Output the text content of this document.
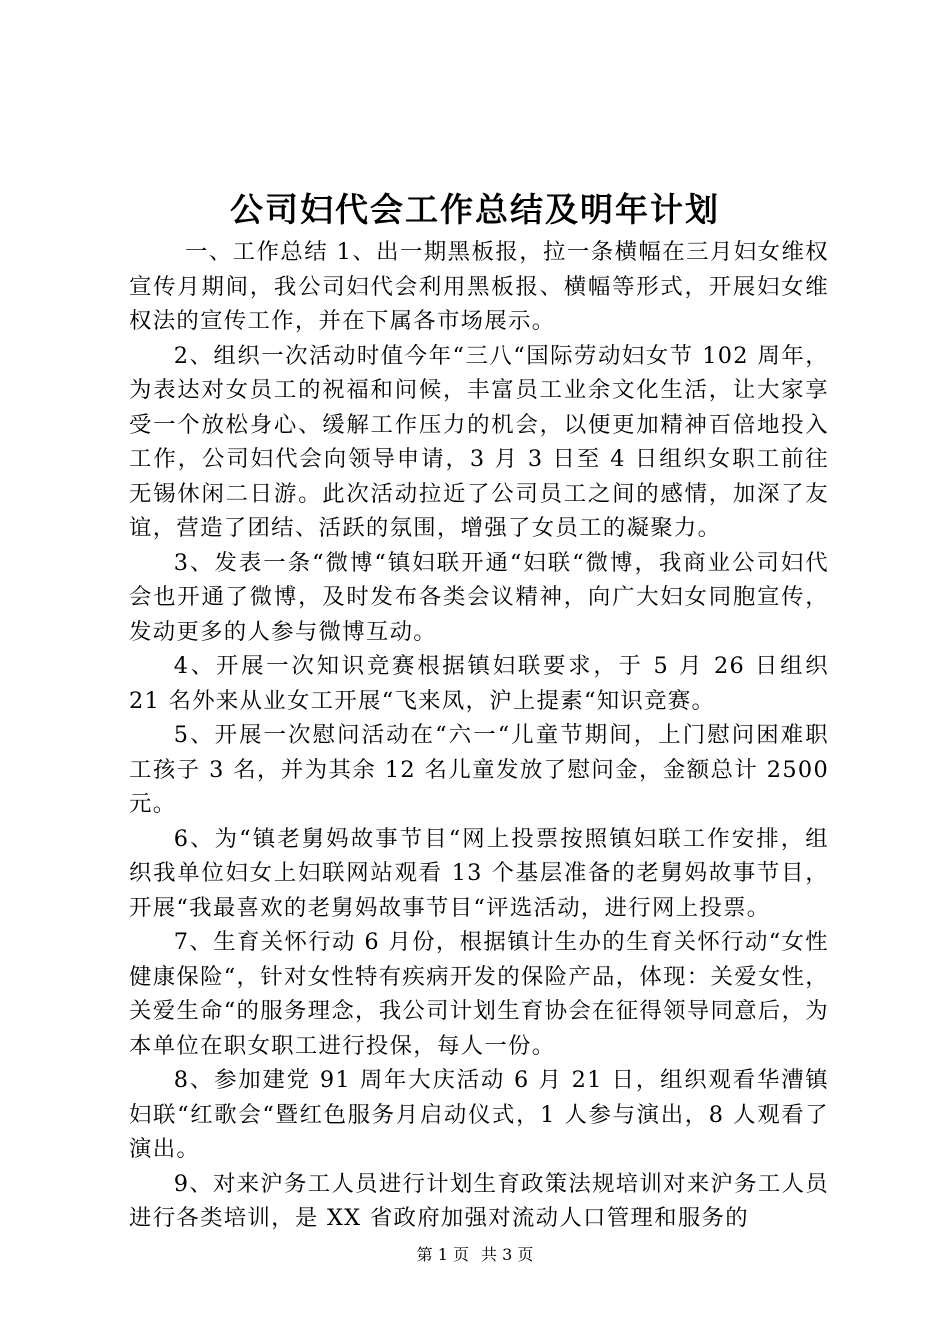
公司妇代会工作总结及明年计划

一、工作总结 1、出一期黑板报，拉一条横幅在三月妇女维权宣传月期间，我公司妇代会利用黑板报、横幅等形式，开展妇女维权法的宣传工作，并在下属各市场展示。

2、组织一次活动时值今年“三八“国际劳动妇女节 102 周年，为表达对女员工的祝福和问候，丰富员工业余文化生活，让大家享受一个放松身心、缓解工作压力的机会，以便更加精神百倍地投入工作，公司妇代会向领导申请，3 月 3 日至 4 日组织女职工前往无锡休闲二日游。此次活动拉近了公司员工之间的感情，加深了友谊，营造了团结、活跃的氛围，增强了女员工的凝聚力。

3、发表一条“微博“镇妇联开通“妇联“微博，我商业公司妇代会也开通了微博，及时发布各类会议精神，向广大妇女同胞宣传，发动更多的人参与微博互动。

4、开展一次知识竞赛根据镇妇联要求，于 5 月 26 日组织 21 名外来从业女工开展“飞来凤，沪上提素“知识竞赛。

5、开展一次慰问活动在“六一“儿童节期间，上门慰问困难职工孩子 3 名，并为其余 12 名儿童发放了慰问金，金额总计 2500 元。

6、为“镇老舅妈故事节目“网上投票按照镇妇联工作安排，组织我单位妇女上妇联网站观看 13 个基层准备的老舅妈故事节目，开展“我最喜欢的老舅妈故事节目“评选活动，进行网上投票。

7、生育关怀行动 6 月份，根据镇计生办的生育关怀行动“女性健康保险“，针对女性特有疾病开发的保险产品，体现：关爱女性，关爱生命“的服务理念，我公司计划生育协会在征得领导同意后，为本单位在职女职工进行投保，每人一份。

8、参加建党 91 周年大庆活动 6 月 21 日，组织观看华漕镇妇联“红歌会“暨红色服务月启动仪式，1 人参与演出，8 人观看了演出。

9、对来沪务工人员进行计划生育政策法规培训对来沪务工人员进行各类培训，是 XX 省政府加强对流动人口管理和服务的

第 1 页 共 3 页
